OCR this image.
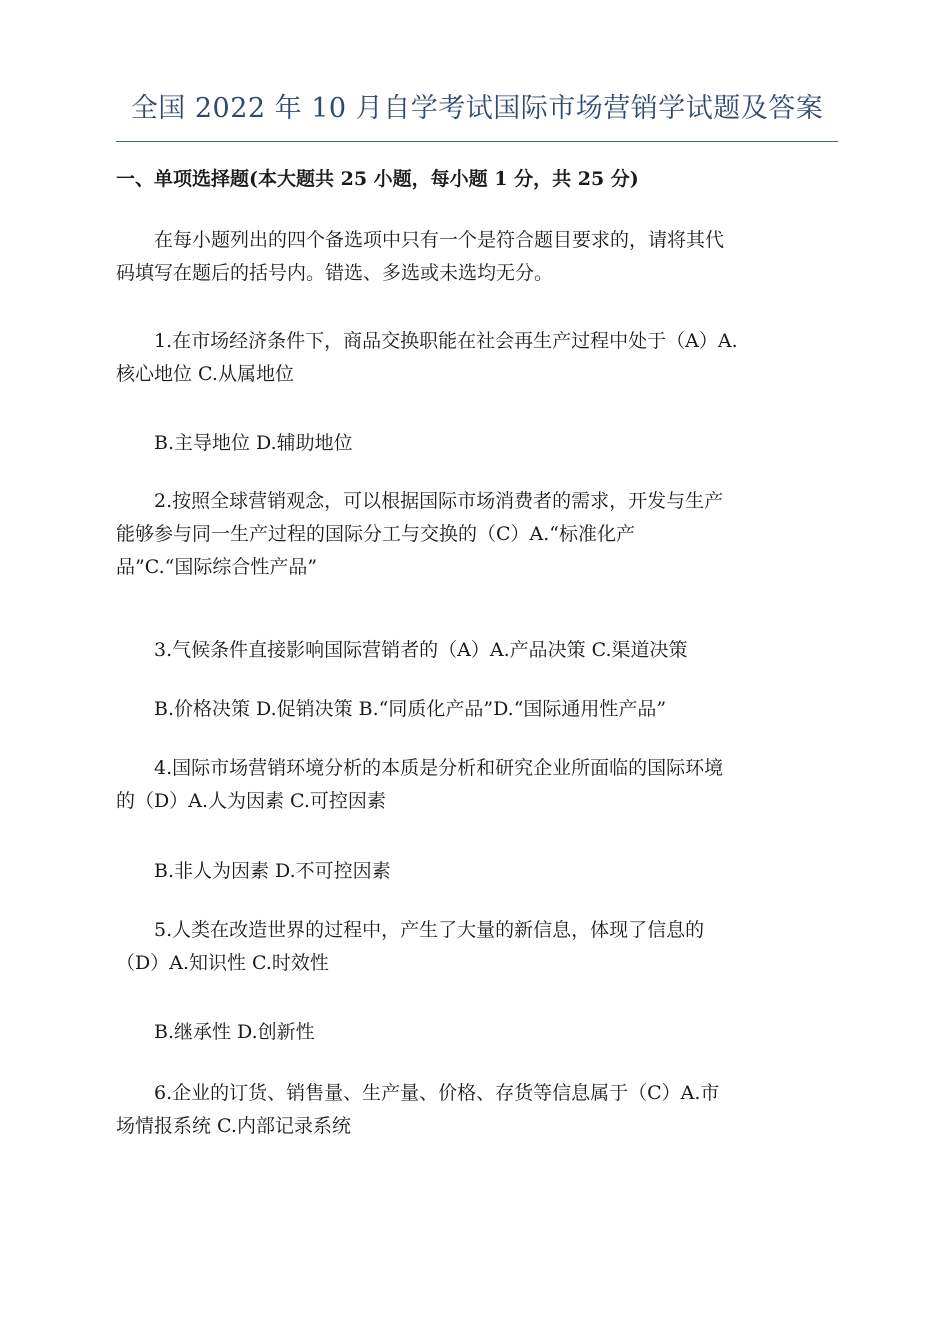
全国 2022 年 10 月自学考试国际市场营销学试题及答案
一、单项选择题(本大题共 25 小题，每小题 1 分，共 25 分)
在每小题列出的四个备选项中只有一个是符合题目要求的，请将其代
码填写在题后的括号内。错选、多选或未选均无分。
1.在市场经济条件下，商品交换职能在社会再生产过程中处于（A）A.
核心地位 C.从属地位
B.主导地位 D.辅助地位
2.按照全球营销观念，可以根据国际市场消费者的需求，开发与生产
能够参与同一生产过程的国际分工与交换的（C）A.“标准化产
品”C.“国际综合性产品”
3.气候条件直接影响国际营销者的（A）A.产品决策 C.渠道决策
B.价格决策 D.促销决策 B.“同质化产品”D.“国际通用性产品”
4.国际市场营销环境分析的本质是分析和研究企业所面临的国际环境
的（D）A.人为因素 C.可控因素
B.非人为因素 D.不可控因素
5.人类在改造世界的过程中，产生了大量的新信息，体现了信息的
（D）A.知识性 C.时效性
B.继承性 D.创新性
6.企业的订货、销售量、生产量、价格、存货等信息属于（C）A.市
场情报系统 C.内部记录系统
